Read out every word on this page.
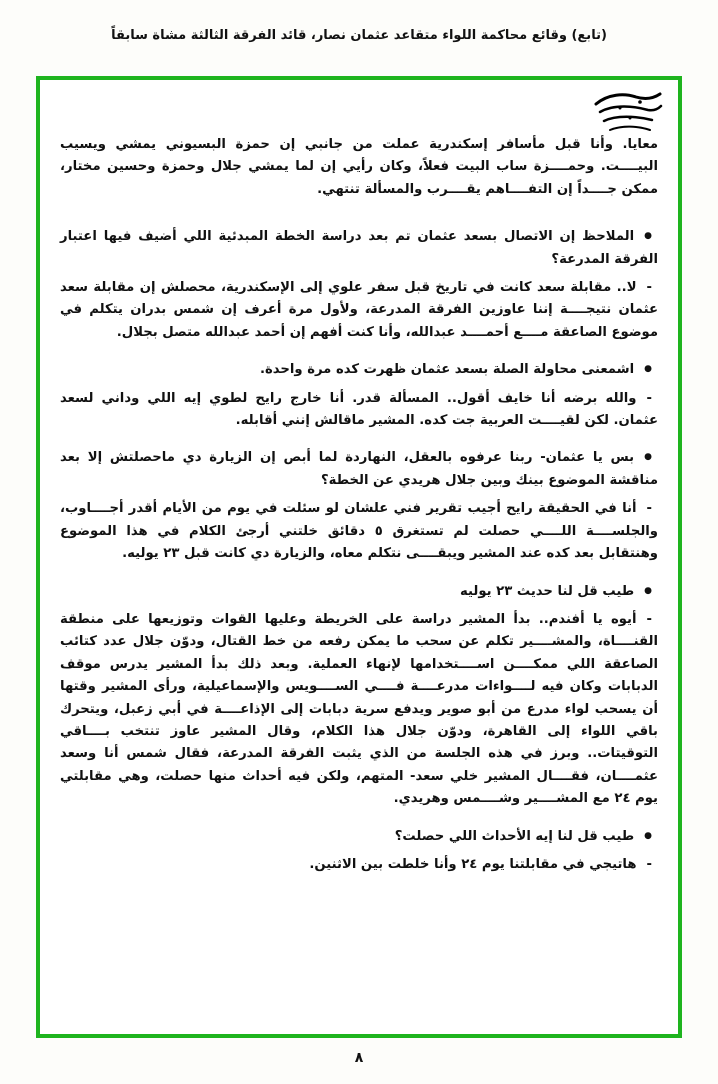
(تابع) وقائع محاكمة اللواء متقاعد عثمان نصار، قائد الفرقة الثالثة مشاة سابقاً
معايا. وأنا قبل مأسافر إسكندرية عملت من جانبي إن حمزة البسيوني يمشي ويسيب البيــــت. وحمــــزة ساب البيت فعلاً، وكان رأيي إن لما يمشي جلال وحمزة وحسين مختار، ممكن جــــداً إن التفــــاهم يقــــرب والمسألة تنتهي.
●الملاحظ إن الاتصال بسعد عثمان تم بعد دراسة الخطة المبدئية اللي أضيف فيها اعتبار الفرقة المدرعة؟
-لا.. مقابلة سعد كانت في تاريخ قبل سفر علوي إلى الإسكندرية، محصلش إن مقابلة سعد عثمان نتيجــــة إننا عاوزين الفرقة المدرعة، ولأول مرة أعرف إن شمس بدران يتكلم في موضوع الصاعقة مــــع أحمــــد عبدالله، وأنا كنت أفهم إن أحمد عبدالله متصل بجلال.
●اشمعنى محاولة الصلة بسعد عثمان ظهرت كده مرة واحدة.
-والله برضه أنا خايف أقول.. المسألة قدر. أنا خارج رايح لطوي إيه اللي وداني لسعد عثمان. لكن لقيــــت العربية جت كده. المشير ماقالش إنني أقابله.
●بس يا عثمان- ربنا عرفوه بالعقل، النهاردة لما أبص إن الزيارة دي ماحصلتش إلا بعد مناقشة الموضوع بينك وبين جلال هريدي عن الخطة؟
-أنا في الحقيقة رايح أجيب تقرير فني علشان لو سئلت في يوم من الأيام أقدر أجــــاوب، والجلســــة اللــــي حصلت لم تستغرق ٥ دقائق خلتني أرجئ الكلام في هذا الموضوع وهنتقابل بعد كده عند المشير ويبقــــى نتكلم معاه، والزيارة دي كانت قبل ٢٣ يوليه.
●طيب قل لنا حديث ٢٣ يوليه
-أيوه يا أفندم.. بدأ المشير دراسة على الخريطة وعليها القوات وتوزيعها على منطقة القنــــاة، والمشــــير تكلم عن سحب ما يمكن رفعه من خط القتال، ودوّن جلال عدد كتائب الصاعقة اللي ممكــــن اســــتخدامها لإنهاء العملية. وبعد ذلك بدأ المشير يدرس موقف الدبابات وكان فيه لــــواءات مدرعــــة فــــي الســــويس والإسماعيلية، ورأى المشير وقتها أن يسحب لواء مدرع من أبو صوير ويدفع سرية دبابات إلى الإذاعــــة في أبي زعبل، ويتحرك باقي اللواء إلى القاهرة، ودوّن جلال هذا الكلام، وقال المشير عاوز تنتخب بــــاقي التوقيتات.. وبرز في هذه الجلسة من الذي يثبت الفرقة المدرعة، فقال شمس أنا وسعد عثمــــان، فقــــال المشير خلي سعد- المتهم، ولكن فيه أحداث منها حصلت، وهي مقابلتي يوم ٢٤ مع المشــــير وشــــمس وهريدي.
●طيب قل لنا إيه الأحداث اللي حصلت؟
-هاتيجي في مقابلتنا يوم ٢٤ وأنا خلطت بين الاثنين.
٨
